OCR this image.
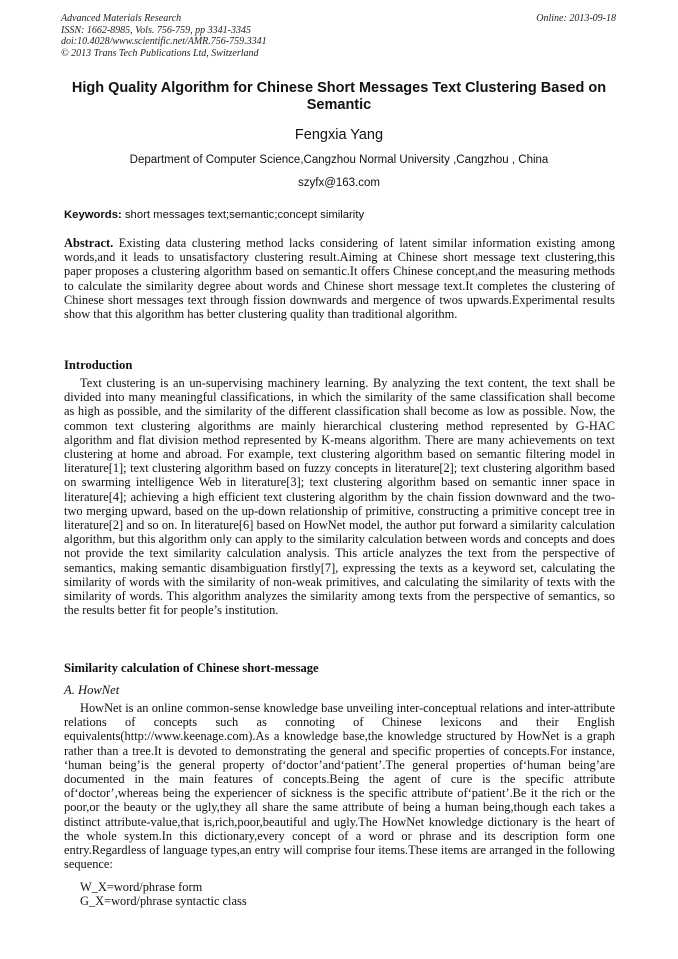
Advanced Materials Research
ISSN: 1662-8985, Vols. 756-759, pp 3341-3345
doi:10.4028/www.scientific.net/AMR.756-759.3341
© 2013 Trans Tech Publications Ltd, Switzerland
Online: 2013-09-18
High Quality Algorithm for Chinese Short Messages Text Clustering Based on Semantic
Fengxia Yang
Department of Computer Science,Cangzhou Normal University ,Cangzhou , China
szyfx@163.com
Keywords: short messages text;semantic;concept similarity
Abstract. Existing data clustering method lacks considering of latent similar information existing among words,and it leads to unsatisfactory clustering result.Aiming at Chinese short message text clustering,this paper proposes a clustering algorithm based on semantic.It offers Chinese concept,and the measuring methods to calculate the similarity degree about words and Chinese short message text.It completes the clustering of Chinese short messages text through fission downwards and mergence of twos upwards.Experimental results show that this algorithm has better clustering quality than traditional algorithm.
Introduction
Text clustering is an un-supervising machinery learning. By analyzing the text content, the text shall be divided into many meaningful classifications, in which the similarity of the same classification shall become as high as possible, and the similarity of the different classification shall become as low as possible. Now, the common text clustering algorithms are mainly hierarchical clustering method represented by G-HAC algorithm and flat division method represented by K-means algorithm. There are many achievements on text clustering at home and abroad. For example, text clustering algorithm based on semantic filtering model in literature[1]; text clustering algorithm based on fuzzy concepts in literature[2]; text clustering algorithm based on swarming intelligence Web in literature[3]; text clustering algorithm based on semantic inner space in literature[4]; achieving a high efficient text clustering algorithm by the chain fission downward and the two-two merging upward, based on the up-down relationship of primitive, constructing a primitive concept tree in literature[2] and so on. In literature[6] based on HowNet model, the author put forward a similarity calculation algorithm, but this algorithm only can apply to the similarity calculation between words and concepts and does not provide the text similarity calculation analysis. This article analyzes the text from the perspective of semantics, making semantic disambiguation firstly[7], expressing the texts as a keyword set, calculating the similarity of words with the similarity of non-weak primitives, and calculating the similarity of texts with the similarity of words. This algorithm analyzes the similarity among texts from the perspective of semantics, so the results better fit for people’s institution.
Similarity calculation of Chinese short-message
A. HowNet
HowNet is an online common-sense knowledge base unveiling inter-conceptual relations and inter-attribute relations of concepts such as connoting of Chinese lexicons and their English equivalents(http://www.keenage.com).As a knowledge base,the knowledge structured by HowNet is a graph rather than a tree.It is devoted to demonstrating the general and specific properties of concepts.For instance, ‘human being’is the general property of‘doctor’and‘patient’.The general properties of‘human being’are documented in the main features of concepts.Being the agent of cure is the specific attribute of‘doctor’,whereas being the experiencer of sickness is the specific attribute of‘patient’.Be it the rich or the poor,or the beauty or the ugly,they all share the same attribute of being a human being,though each takes a distinct attribute-value,that is,rich,poor,beautiful and ugly.The HowNet knowledge dictionary is the heart of the whole system.In this dictionary,every concept of a word or phrase and its description form one entry.Regardless of language types,an entry will comprise four items.These items are arranged in the following sequence:
W_X=word/phrase form
G_X=word/phrase syntactic class
